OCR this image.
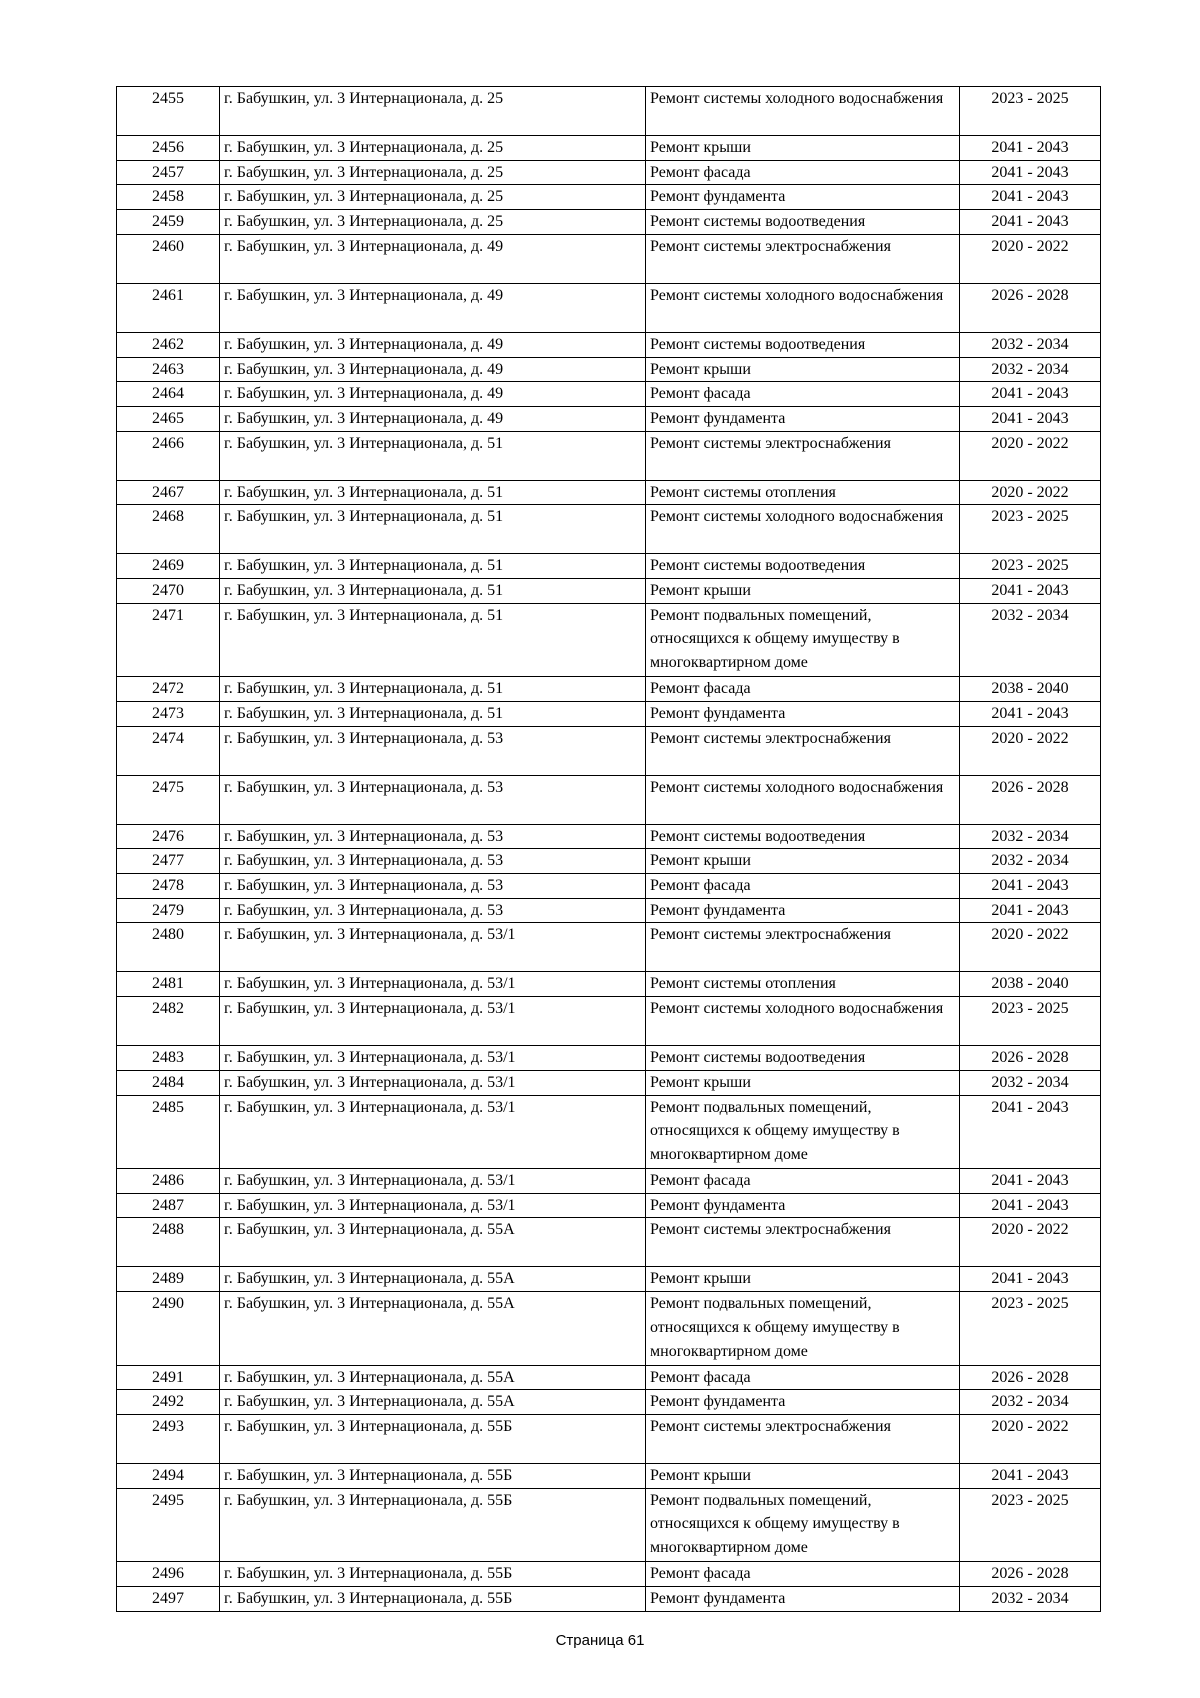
2455	г. Бабушкин, ул. 3 Интернационала, д. 25	Ремонт системы холодного водоснабжения	2023 - 2025
2456	г. Бабушкин, ул. 3 Интернационала, д. 25	Ремонт крыши	2041 - 2043
2457	г. Бабушкин, ул. 3 Интернационала, д. 25	Ремонт фасада	2041 - 2043
2458	г. Бабушкин, ул. 3 Интернационала, д. 25	Ремонт фундамента	2041 - 2043
2459	г. Бабушкин, ул. 3 Интернационала, д. 25	Ремонт системы водоотведения	2041 - 2043
2460	г. Бабушкин, ул. 3 Интернационала, д. 49	Ремонт системы электроснабжения	2020 - 2022
2461	г. Бабушкин, ул. 3 Интернационала, д. 49	Ремонт системы холодного водоснабжения	2026 - 2028
2462	г. Бабушкин, ул. 3 Интернационала, д. 49	Ремонт системы водоотведения	2032 - 2034
2463	г. Бабушкин, ул. 3 Интернационала, д. 49	Ремонт крыши	2032 - 2034
2464	г. Бабушкин, ул. 3 Интернационала, д. 49	Ремонт фасада	2041 - 2043
2465	г. Бабушкин, ул. 3 Интернационала, д. 49	Ремонт фундамента	2041 - 2043
2466	г. Бабушкин, ул. 3 Интернационала, д. 51	Ремонт системы электроснабжения	2020 - 2022
2467	г. Бабушкин, ул. 3 Интернационала, д. 51	Ремонт системы отопления	2020 - 2022
2468	г. Бабушкин, ул. 3 Интернационала, д. 51	Ремонт системы холодного водоснабжения	2023 - 2025
2469	г. Бабушкин, ул. 3 Интернационала, д. 51	Ремонт системы водоотведения	2023 - 2025
2470	г. Бабушкин, ул. 3 Интернационала, д. 51	Ремонт крыши	2041 - 2043
2471	г. Бабушкин, ул. 3 Интернационала, д. 51	Ремонт подвальных помещений, относящихся к общему имуществу в многоквартирном доме	2032 - 2034
2472	г. Бабушкин, ул. 3 Интернационала, д. 51	Ремонт фасада	2038 - 2040
2473	г. Бабушкин, ул. 3 Интернационала, д. 51	Ремонт фундамента	2041 - 2043
2474	г. Бабушкин, ул. 3 Интернационала, д. 53	Ремонт системы электроснабжения	2020 - 2022
2475	г. Бабушкин, ул. 3 Интернационала, д. 53	Ремонт системы холодного водоснабжения	2026 - 2028
2476	г. Бабушкин, ул. 3 Интернационала, д. 53	Ремонт системы водоотведения	2032 - 2034
2477	г. Бабушкин, ул. 3 Интернационала, д. 53	Ремонт крыши	2032 - 2034
2478	г. Бабушкин, ул. 3 Интернационала, д. 53	Ремонт фасада	2041 - 2043
2479	г. Бабушкин, ул. 3 Интернационала, д. 53	Ремонт фундамента	2041 - 2043
2480	г. Бабушкин, ул. 3 Интернационала, д. 53/1	Ремонт системы электроснабжения	2020 - 2022
2481	г. Бабушкин, ул. 3 Интернационала, д. 53/1	Ремонт системы отопления	2038 - 2040
2482	г. Бабушкин, ул. 3 Интернационала, д. 53/1	Ремонт системы холодного водоснабжения	2023 - 2025
2483	г. Бабушкин, ул. 3 Интернационала, д. 53/1	Ремонт системы водоотведения	2026 - 2028
2484	г. Бабушкин, ул. 3 Интернационала, д. 53/1	Ремонт крыши	2032 - 2034
2485	г. Бабушкин, ул. 3 Интернационала, д. 53/1	Ремонт подвальных помещений, относящихся к общему имуществу в многоквартирном доме	2041 - 2043
2486	г. Бабушкин, ул. 3 Интернационала, д. 53/1	Ремонт фасада	2041 - 2043
2487	г. Бабушкин, ул. 3 Интернационала, д. 53/1	Ремонт фундамента	2041 - 2043
2488	г. Бабушкин, ул. 3 Интернационала, д. 55А	Ремонт системы электроснабжения	2020 - 2022
2489	г. Бабушкин, ул. 3 Интернационала, д. 55А	Ремонт крыши	2041 - 2043
2490	г. Бабушкин, ул. 3 Интернационала, д. 55А	Ремонт подвальных помещений, относящихся к общему имуществу в многоквартирном доме	2023 - 2025
2491	г. Бабушкин, ул. 3 Интернационала, д. 55А	Ремонт фасада	2026 - 2028
2492	г. Бабушкин, ул. 3 Интернационала, д. 55А	Ремонт фундамента	2032 - 2034
2493	г. Бабушкин, ул. 3 Интернационала, д. 55Б	Ремонт системы электроснабжения	2020 - 2022
2494	г. Бабушкин, ул. 3 Интернационала, д. 55Б	Ремонт крыши	2041 - 2043
2495	г. Бабушкин, ул. 3 Интернационала, д. 55Б	Ремонт подвальных помещений, относящихся к общему имуществу в многоквартирном доме	2023 - 2025
2496	г. Бабушкин, ул. 3 Интернационала, д. 55Б	Ремонт фасада	2026 - 2028
2497	г. Бабушкин, ул. 3 Интернационала, д. 55Б	Ремонт фундамента	2032 - 2034
Страница 61
